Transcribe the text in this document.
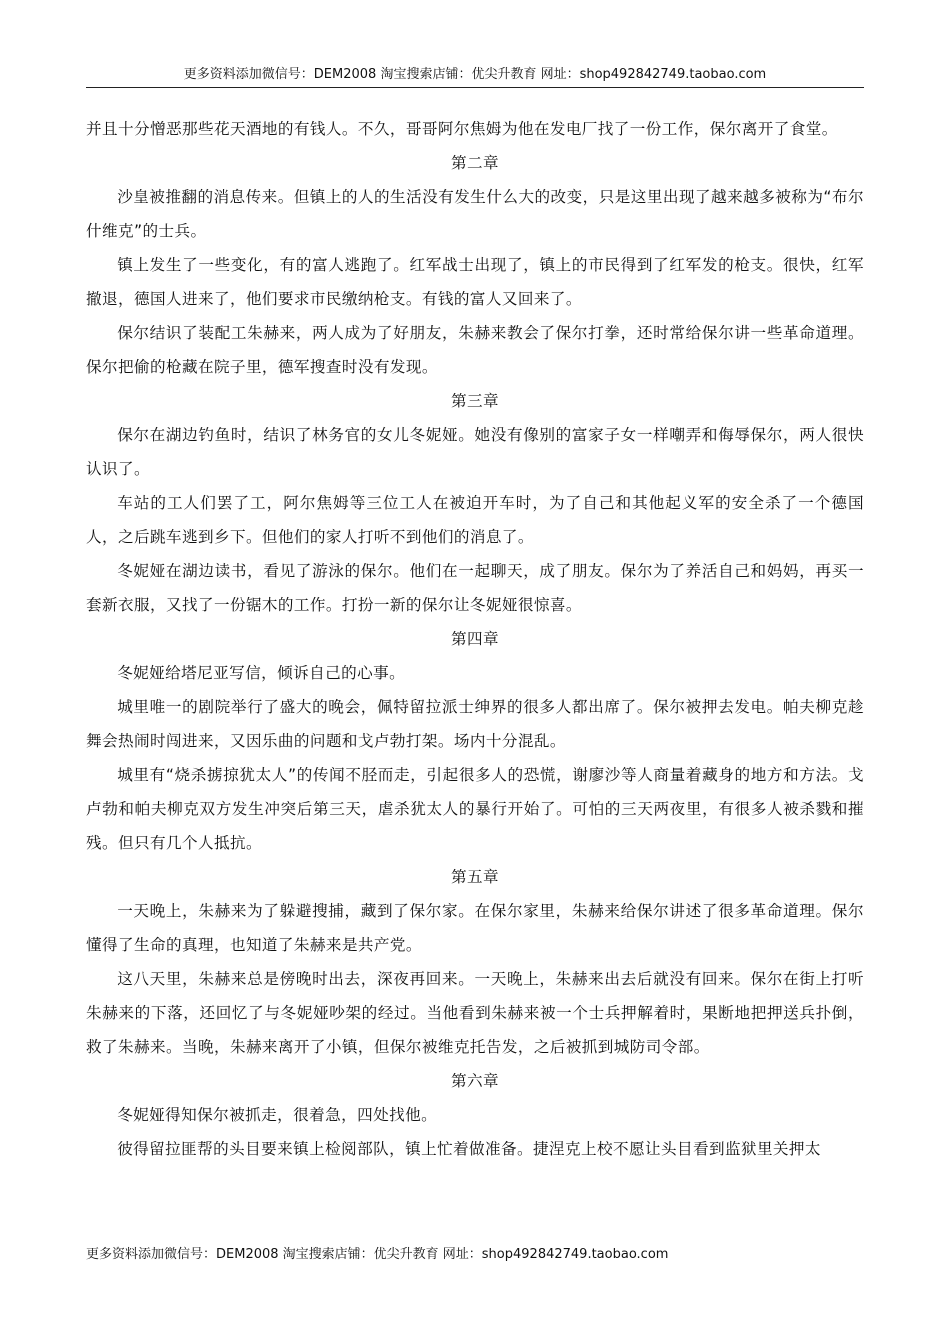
更多资料添加微信号：DEM2008 淘宝搜索店铺：优尖升教育 网址：shop492842749.taobao.com

并且十分憎恶那些花天酒地的有钱人。不久，哥哥阿尔焦姆为他在发电厂找了一份工作，保尔离开了食堂。

第二章

沙皇被推翻的消息传来。但镇上的人的生活没有发生什么大的改变，只是这里出现了越来越多被称为“布尔什维克”的士兵。

镇上发生了一些变化，有的富人逃跑了。红军战士出现了，镇上的市民得到了红军发的枪支。很快，红军撤退，德国人进来了，他们要求市民缴纳枪支。有钱的富人又回来了。

保尔结识了装配工朱赫来，两人成为了好朋友，朱赫来教会了保尔打拳，还时常给保尔讲一些革命道理。保尔把偷的枪藏在院子里，德军搜查时没有发现。

第三章

保尔在湖边钓鱼时，结识了林务官的女儿冬妮娅。她没有像别的富家子女一样嘲弄和侮辱保尔，两人很快认识了。

车站的工人们罢了工，阿尔焦姆等三位工人在被迫开车时，为了自己和其他起义军的安全杀了一个德国人，之后跳车逃到乡下。但他们的家人打听不到他们的消息了。

冬妮娅在湖边读书，看见了游泳的保尔。他们在一起聊天，成了朋友。保尔为了养活自己和妈妈，再买一套新衣服，又找了一份锯木的工作。打扮一新的保尔让冬妮娅很惊喜。

第四章

冬妮娅给塔尼亚写信，倾诉自己的心事。

城里唯一的剧院举行了盛大的晚会，佩特留拉派士绅界的很多人都出席了。保尔被押去发电。帕夫柳克趁舞会热闹时闯进来，又因乐曲的问题和戈卢勃打架。场内十分混乱。

城里有“烧杀掳掠犹太人”的传闻不胫而走，引起很多人的恐慌，谢廖沙等人商量着藏身的地方和方法。戈卢勃和帕夫柳克双方发生冲突后第三天，虐杀犹太人的暴行开始了。可怕的三天两夜里，有很多人被杀戮和摧残。但只有几个人抵抗。

第五章

一天晚上，朱赫来为了躲避搜捕，藏到了保尔家。在保尔家里，朱赫来给保尔讲述了很多革命道理。保尔懂得了生命的真理，也知道了朱赫来是共产党。

这八天里，朱赫来总是傍晚时出去，深夜再回来。一天晚上，朱赫来出去后就没有回来。保尔在街上打听朱赫来的下落，还回忆了与冬妮娅吵架的经过。当他看到朱赫来被一个士兵押解着时，果断地把押送兵扑倒，救了朱赫来。当晚，朱赫来离开了小镇，但保尔被维克托告发，之后被抓到城防司令部。

第六章

冬妮娅得知保尔被抓走，很着急，四处找他。

彼得留拉匪帮的头目要来镇上检阅部队，镇上忙着做准备。捷涅克上校不愿让头目看到监狱里关押太

更多资料添加微信号：DEM2008 淘宝搜索店铺：优尖升教育 网址：shop492842749.taobao.com
